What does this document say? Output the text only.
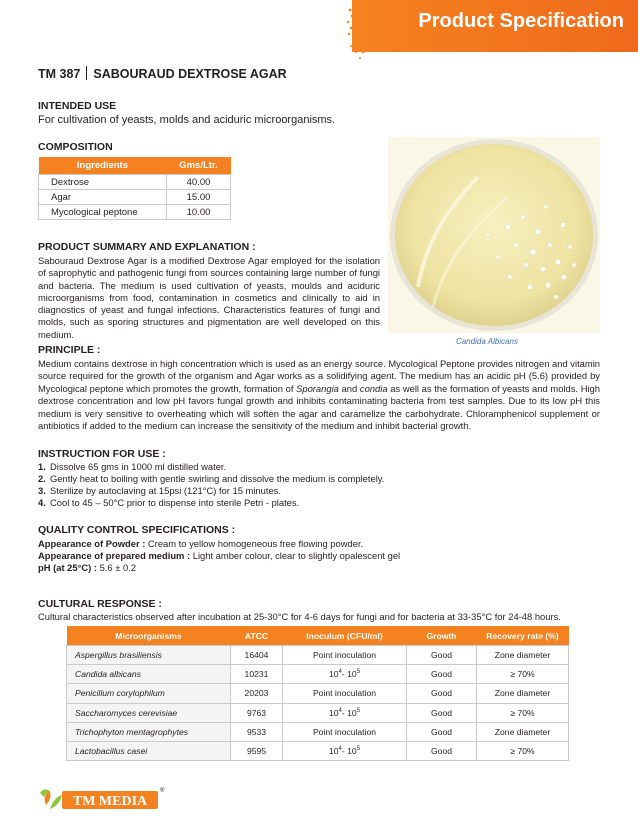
Product Specification
TM 387 SABOURAUD DEXTROSE AGAR
INTENDED USE
For cultivation of yeasts, molds and aciduric microorganisms.
COMPOSITION
Ingredients	Gms/Ltr.
Dextrose	40.00
Agar	15.00
Mycological peptone	10.00
Candida Albicans
PRODUCT SUMMARY AND EXPLANATION :
Sabouraud Dextrose Agar is a modified Dextrose Agar employed for the isolation of saprophytic and pathogenic fungi from sources containing large number of fungi and bacteria. The medium is used cultivation of yeasts, moulds and aciduric microorganisms from food, contamination in cosmetics and clinically to aid in diagnostics of yeast and fungal infections. Characteristics features of fungi and molds, such as sporing structures and pigmentation are well developed on this medium.
PRINCIPLE :
Medium contains dextrose in high concentration which is used as an energy source. Mycological Peptone provides nitrogen and vitamin source required for the growth of the organism and Agar works as a solidifying agent. The medium has an acidic pH (5.6) provided by Mycological peptone which promotes the growth, formation of Sporangia and condia as well as the formation of yeasts and molds. High dextrose concentration and low pH favors fungal growth and inhibits contaminating bacteria from test samples. Due to its low pH this medium is very sensitive to overheating which will soften the agar and caramelize the carbohydrate. Chloramphenicol supplement or antibiotics if added to the medium can increase the sensitivity of the medium and inhibit bacterial growth.
INSTRUCTION FOR USE :
1. Dissolve 65 gms in 1000 ml distilled water.
2. Gently heat to boiling with gentle swirling and dissolve the medium is completely.
3. Sterilize by autoclaving at 15psi (121°C) for 15 minutes.
4. Cool to 45 – 50°C prior to dispense into sterile Petri - plates.
QUALITY CONTROL SPECIFICATIONS :
Appearance of Powder : Cream to yellow homogeneous free flowing powder.
Appearance of prepared medium : Light amber colour, clear to slightly opalescent gel
pH (at 25°C) : 5.6 ± 0.2
CULTURAL RESPONSE :
Cultural characteristics observed after incubation at 25-30°C for 4-6 days for fungi and for bacteria at 33-35°C for 24-48 hours.
Microorganisms	ATCC	Inoculum (CFU/ml)	Growth	Recovery rate (%)
Aspergillus brasiliensis	16404	Point inoculation	Good	Zone diameter
Candida albicans	10231	$10^4-$ $10^5$	Good	≥ 70%
Penicillum corylophilum	20203	Point inoculation	Good	Zone diameter
Saccharomyces cerevisiae	9763	$10^4-$ $10^5$	Good	≥ 70%
Trichophyton mentagrophytes	9533	Point inoculation	Good	Zone diameter
Lactobacillus casei	9595	$10^4-$ $10^5$	Good	≥ 70%
TM MEDIA
®
